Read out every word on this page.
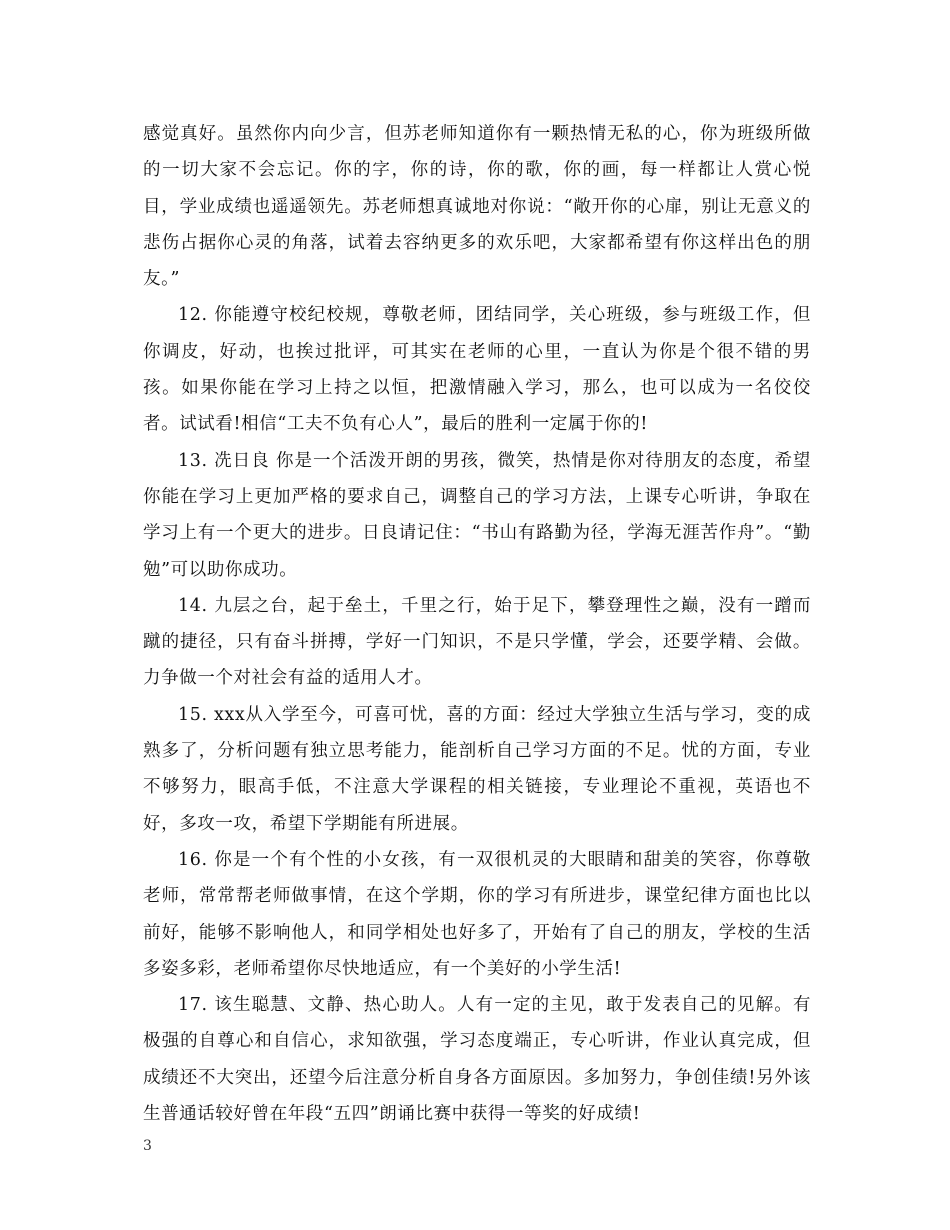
感觉真好。虽然你内向少言，但苏老师知道你有一颗热情无私的心，你为班级所做的一切大家不会忘记。你的字，你的诗，你的歌，你的画，每一样都让人赏心悦目，学业成绩也遥遥领先。苏老师想真诚地对你说：“敞开你的心扉，别让无意义的悲伤占据你心灵的角落，试着去容纳更多的欢乐吧，大家都希望有你这样出色的朋友。”

12. 你能遵守校纪校规，尊敬老师，团结同学，关心班级，参与班级工作，但你调皮，好动，也挨过批评，可其实在老师的心里，一直认为你是个很不错的男孩。如果你能在学习上持之以恒，把激情融入学习，那么，也可以成为一名佼佼者。试试看!相信“工夫不负有心人”，最后的胜利一定属于你的!

13. 冼日良 你是一个活泼开朗的男孩，微笑，热情是你对待朋友的态度，希望你能在学习上更加严格的要求自己，调整自己的学习方法，上课专心听讲，争取在学习上有一个更大的进步。日良请记住：“书山有路勤为径，学海无涯苦作舟”。“勤勉”可以助你成功。

14. 九层之台，起于垒土，千里之行，始于足下，攀登理性之巅，没有一蹭而蹴的捷径，只有奋斗拼搏，学好一门知识，不是只学懂，学会，还要学精、会做。力争做一个对社会有益的适用人才。

15. xxx从入学至今，可喜可忧，喜的方面：经过大学独立生活与学习，变的成熟多了，分析问题有独立思考能力，能剖析自己学习方面的不足。忧的方面，专业不够努力，眼高手低，不注意大学课程的相关链接，专业理论不重视，英语也不好，多攻一攻，希望下学期能有所进展。

16. 你是一个有个性的小女孩，有一双很机灵的大眼睛和甜美的笑容，你尊敬老师，常常帮老师做事情，在这个学期，你的学习有所进步，课堂纪律方面也比以前好，能够不影响他人，和同学相处也好多了，开始有了自己的朋友，学校的生活多姿多彩，老师希望你尽快地适应，有一个美好的小学生活!

17. 该生聪慧、文静、热心助人。人有一定的主见，敢于发表自己的见解。有极强的自尊心和自信心，求知欲强，学习态度端正，专心听讲，作业认真完成，但成绩还不大突出，还望今后注意分析自身各方面原因。多加努力，争创佳绩!另外该生普通话较好曾在年段“五四”朗诵比赛中获得一等奖的好成绩!

3
